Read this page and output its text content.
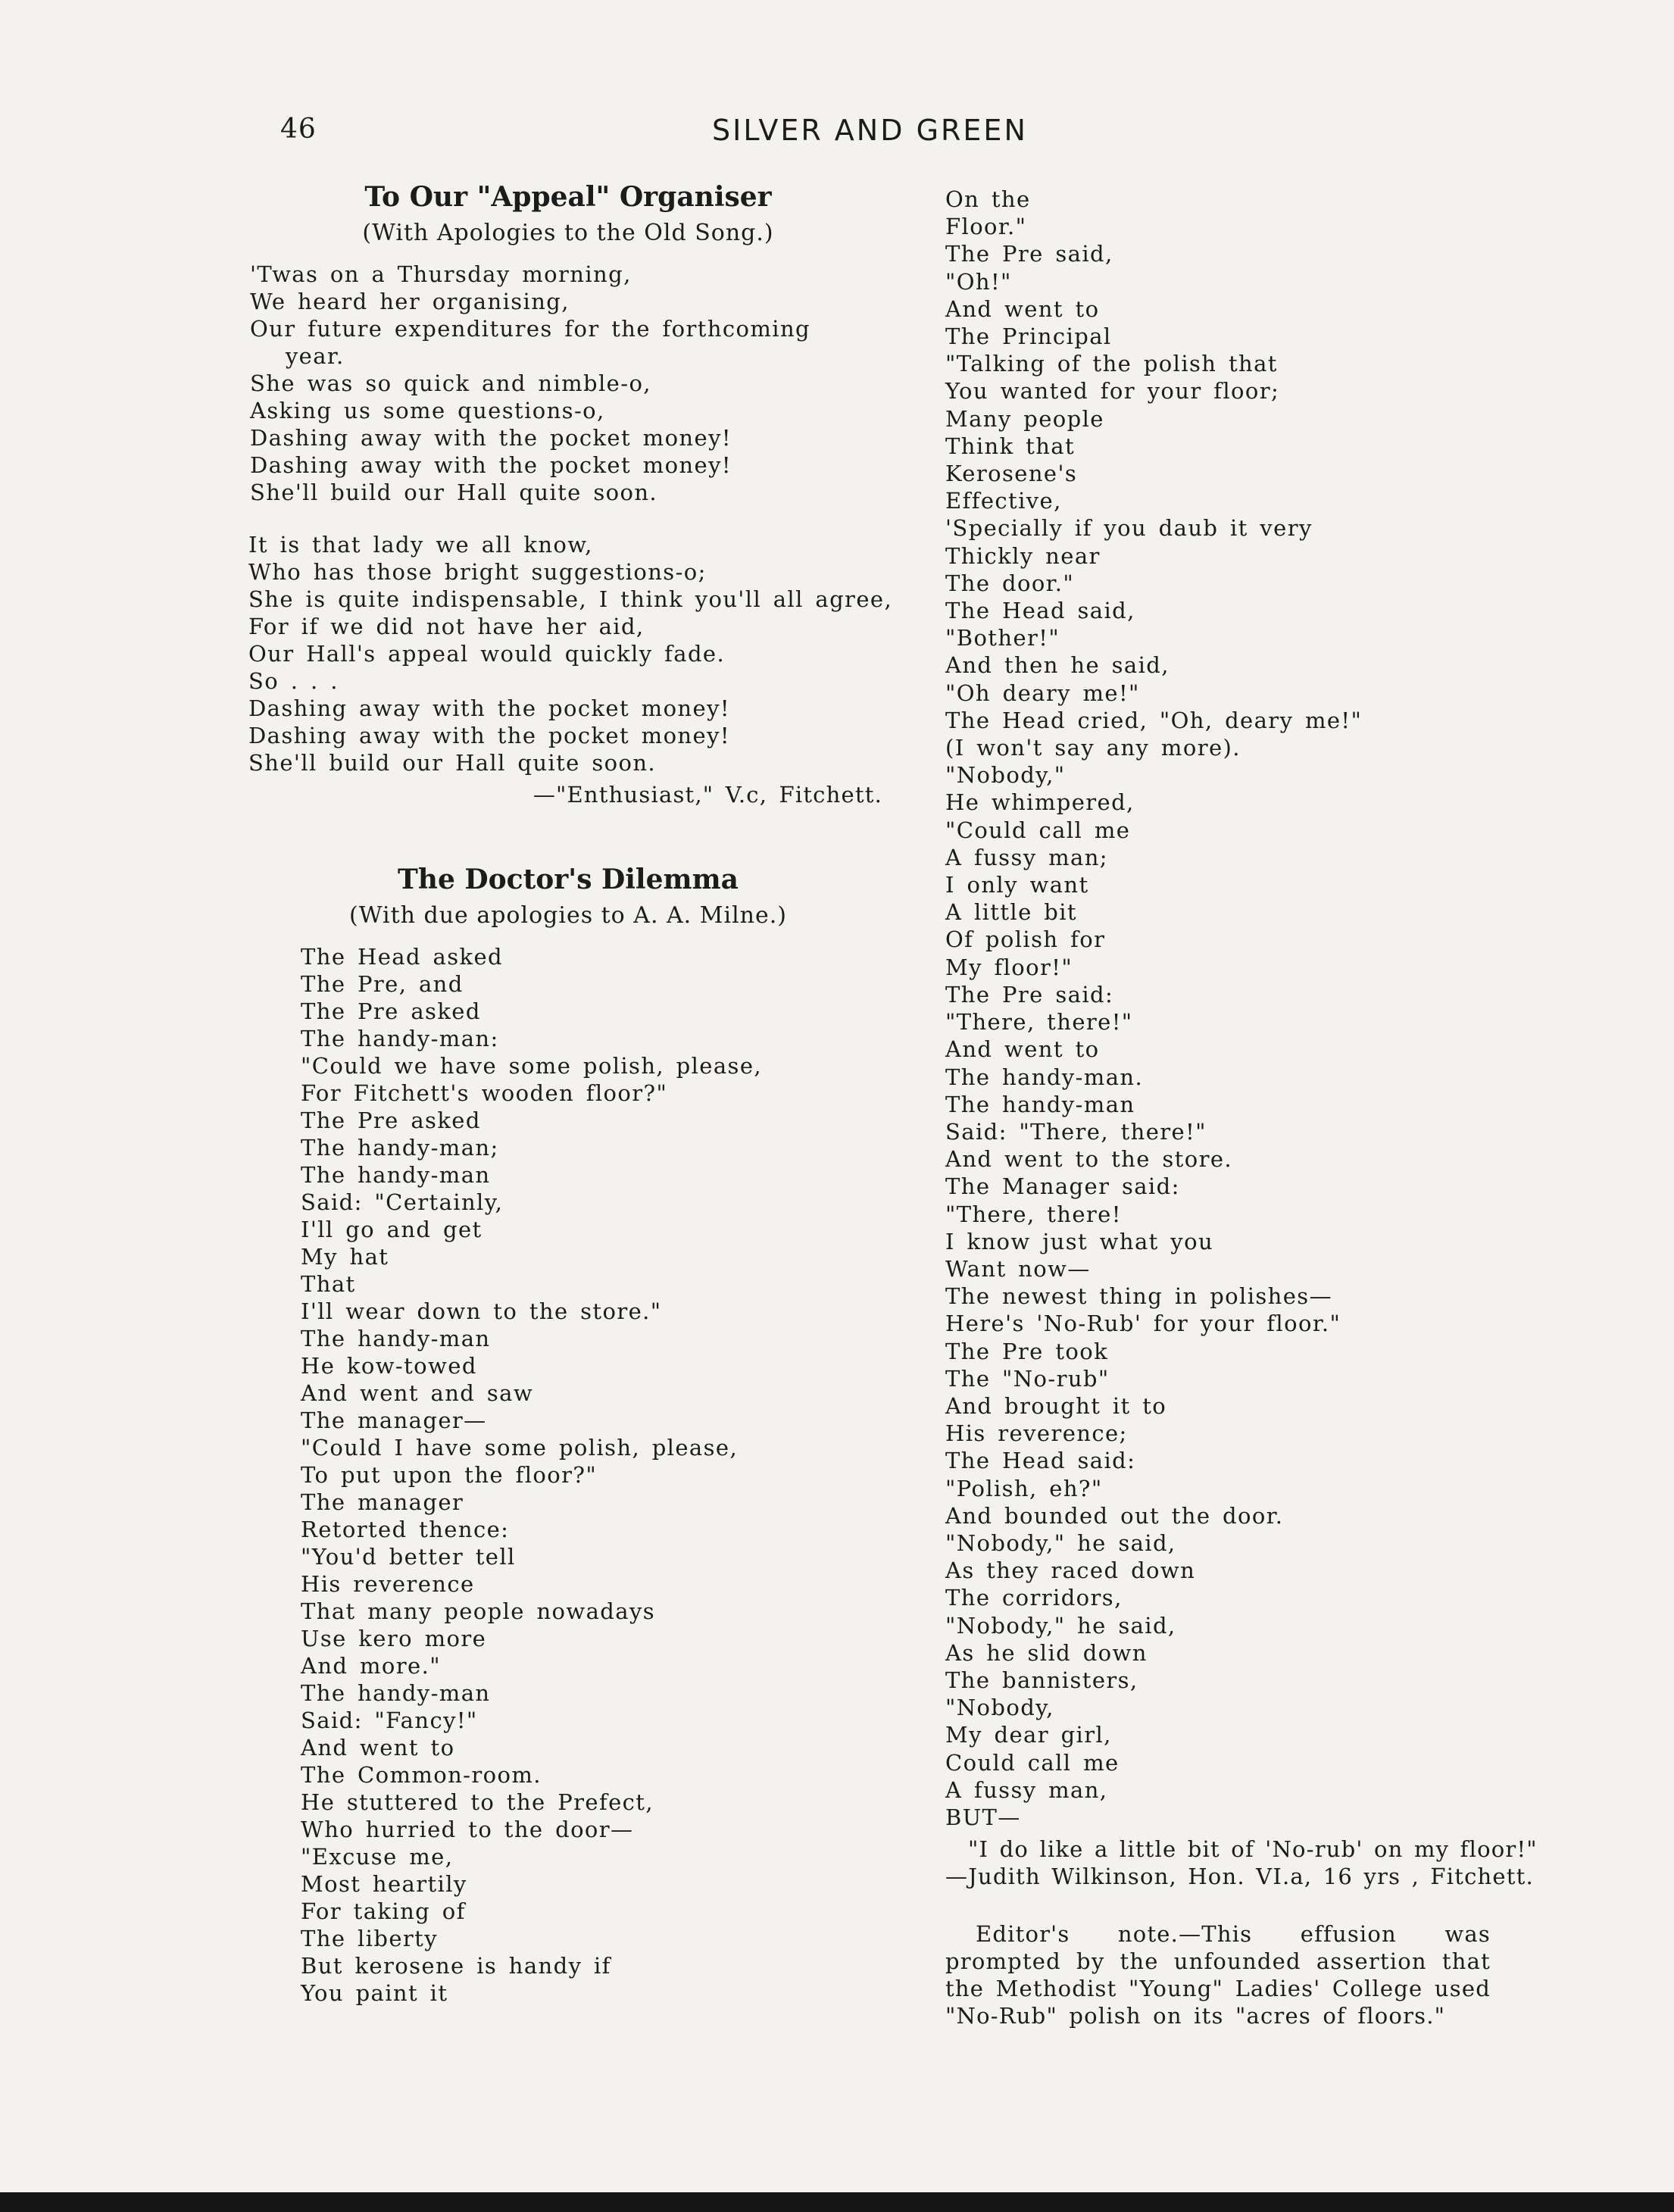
46	SILVER AND GREEN
To Our "Appeal" Organiser
(With Apologies to the Old Song.)
'Twas on a Thursday morning,
We heard her organising,
Our future expenditures for the forthcoming
year.
She was so quick and nimble-o,
Asking us some questions-o,
Dashing away with the pocket money!
Dashing away with the pocket money!
She'll build our Hall quite soon.
It is that lady we all know,
Who has those bright suggestions-o;
She is quite indispensable, I think you'll all agree,
For if we did not have her aid,
Our Hall's appeal would quickly fade.
So . . .
Dashing away with the pocket money!
Dashing away with the pocket money!
She'll build our Hall quite soon.
—"Enthusiast," V.c, Fitchett.
The Doctor's Dilemma
(With due apologies to A. A. Milne.)
The Head asked
The Pre, and
The Pre asked
The handy-man:
"Could we have some polish, please,
For Fitchett's wooden floor?"
The Pre asked
The handy-man;
The handy-man
Said: "Certainly,
I'll go and get
My hat
That
I'll wear down to the store."
The handy-man
He kow-towed
And went and saw
The manager—
"Could I have some polish, please,
To put upon the floor?"
The manager
Retorted thence:
"You'd better tell
His reverence
That many people nowadays
Use kero more
And more."
The handy-man
Said: "Fancy!"
And went to
The Common-room.
He stuttered to the Prefect,
Who hurried to the door—
"Excuse me,
Most heartily
For taking of
The liberty
But kerosene is handy if
You paint it
On the
Floor."
The Pre said,
"Oh!"
And went to
The Principal
"Talking of the polish that
You wanted for your floor;
Many people
Think that
Kerosene's
Effective,
'Specially if you daub it very
Thickly near
The door."
The Head said,
"Bother!"
And then he said,
"Oh deary me!"
The Head cried, "Oh, deary me!"
(I won't say any more).
"Nobody,"
He whimpered,
"Could call me
A fussy man;
I only want
A little bit
Of polish for
My floor!"
The Pre said:
"There, there!"
And went to
The handy-man.
The handy-man
Said: "There, there!"
And went to the store.
The Manager said:
"There, there!
I know just what you
Want now—
The newest thing in polishes—
Here's 'No-Rub' for your floor."
The Pre took
The "No-rub"
And brought it to
His reverence;
The Head said:
"Polish, eh?"
And bounded out the door.
"Nobody," he said,
As they raced down
The corridors,
"Nobody," he said,
As he slid down
The bannisters,
"Nobody,
My dear girl,
Could call me
A fussy man,
BUT—
"I do like a little bit of 'No-rub' on my floor!"
—Judith Wilkinson, Hon. VI.a, 16 yrs , Fitchett.
Editor's note.—This effusion was prompted by the unfounded assertion that the Methodist "Young" Ladies' College used "No-Rub" polish on its "acres of floors."
